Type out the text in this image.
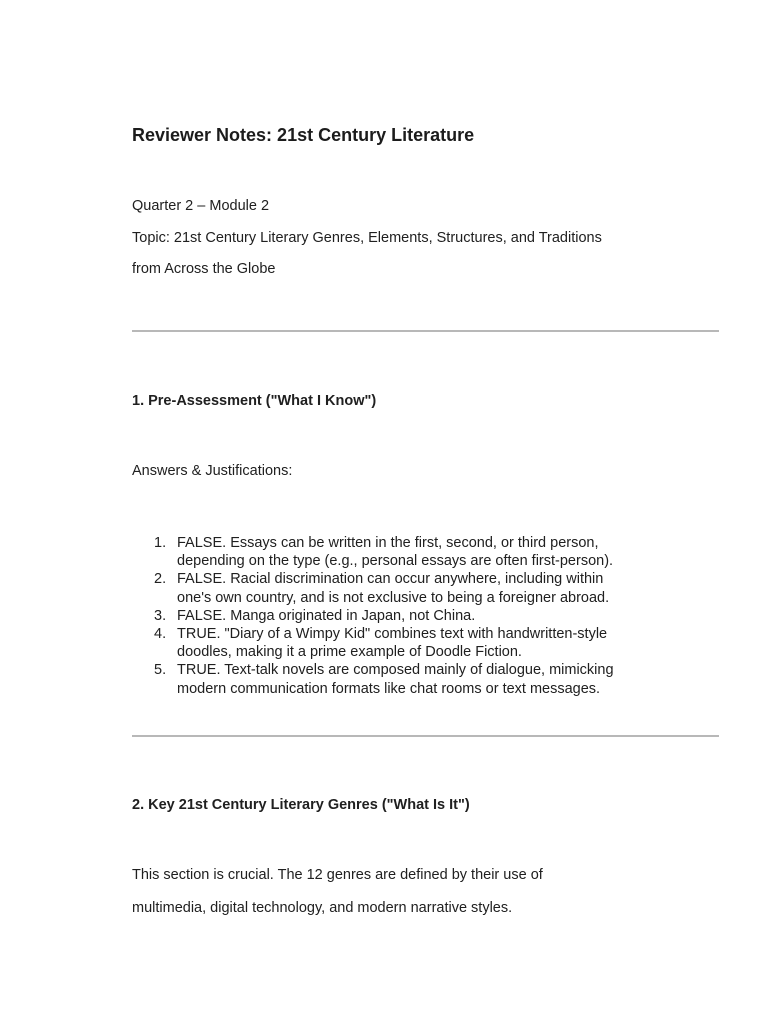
Reviewer Notes: 21st Century Literature

Quarter 2 – Module 2

Topic: 21st Century Literary Genres, Elements, Structures, and Traditions

from Across the Globe

1. Pre-Assessment ("What I Know")

Answers & Justifications:

1. FALSE. Essays can be written in the first, second, or third person,
depending on the type (e.g., personal essays are often first-person).
2. FALSE. Racial discrimination can occur anywhere, including within
one's own country, and is not exclusive to being a foreigner abroad.
3. FALSE. Manga originated in Japan, not China.
4. TRUE. "Diary of a Wimpy Kid" combines text with handwritten-style
doodles, making it a prime example of Doodle Fiction.
5. TRUE. Text-talk novels are composed mainly of dialogue, mimicking
modern communication formats like chat rooms or text messages.
2. Key 21st Century Literary Genres ("What Is It")

This section is crucial. The 12 genres are defined by their use of

multimedia, digital technology, and modern narrative styles.
